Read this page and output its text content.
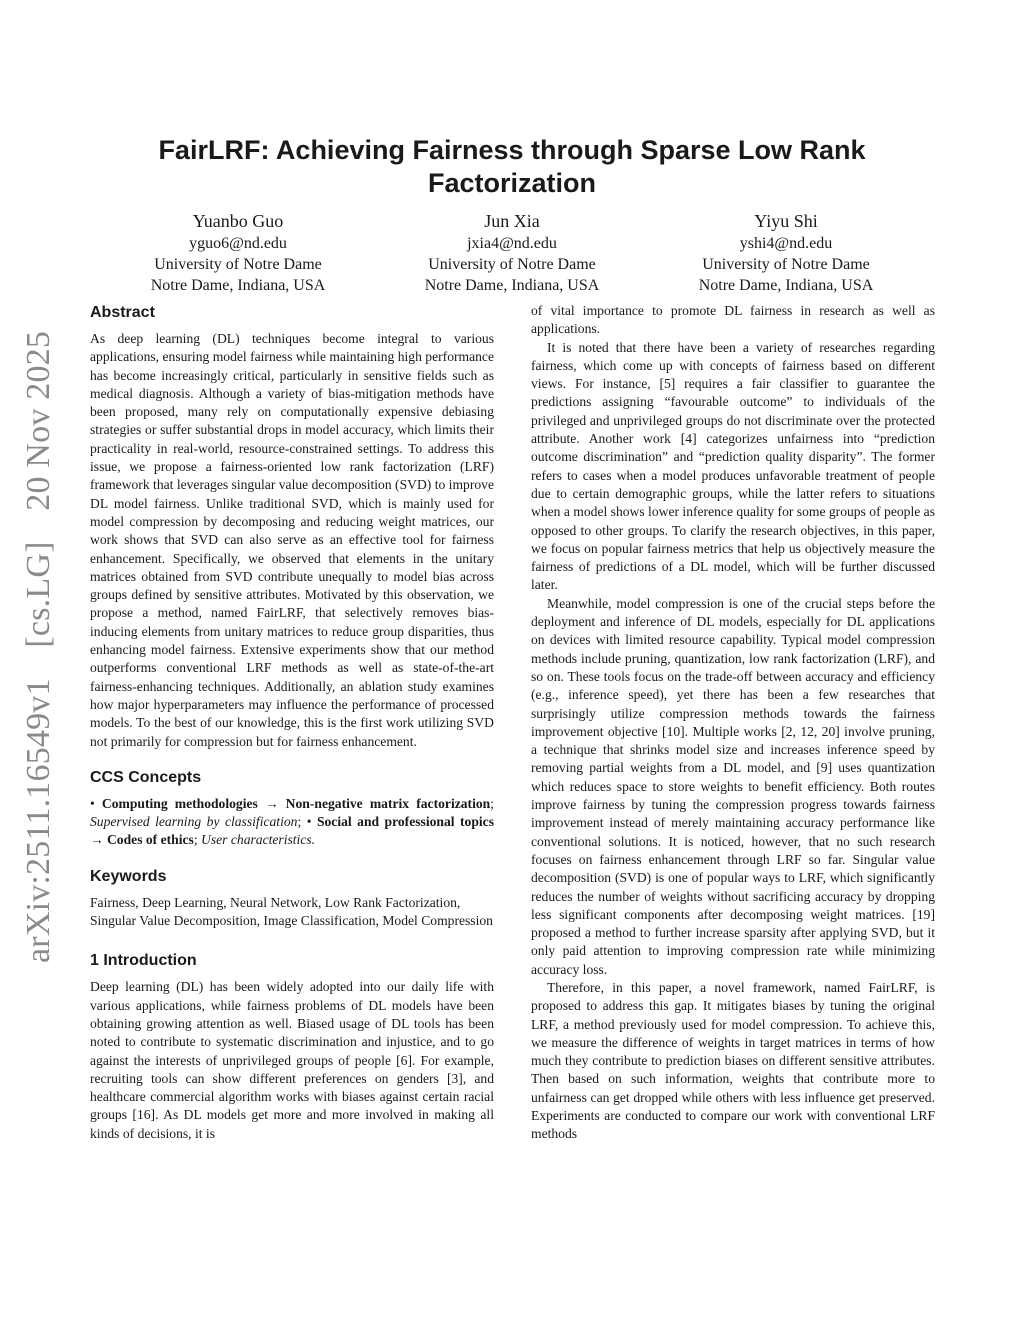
arXiv:2511.16549v1 [cs.LG] 20 Nov 2025
FairLRF: Achieving Fairness through Sparse Low Rank Factorization
Yuanbo Guo
yguo6@nd.edu
University of Notre Dame
Notre Dame, Indiana, USA
Jun Xia
jxia4@nd.edu
University of Notre Dame
Notre Dame, Indiana, USA
Yiyu Shi
yshi4@nd.edu
University of Notre Dame
Notre Dame, Indiana, USA
Abstract

As deep learning (DL) techniques become integral to various applications, ensuring model fairness while maintaining high performance has become increasingly critical, particularly in sensitive fields such as medical diagnosis. Although a variety of bias-mitigation methods have been proposed, many rely on computationally expensive debiasing strategies or suffer substantial drops in model accuracy, which limits their practicality in real-world, resource-constrained settings. To address this issue, we propose a fairness-oriented low rank factorization (LRF) framework that leverages singular value decomposition (SVD) to improve DL model fairness. Unlike traditional SVD, which is mainly used for model compression by decomposing and reducing weight matrices, our work shows that SVD can also serve as an effective tool for fairness enhancement. Specifically, we observed that elements in the unitary matrices obtained from SVD contribute unequally to model bias across groups defined by sensitive attributes. Motivated by this observation, we propose a method, named FairLRF, that selectively removes bias-inducing elements from unitary matrices to reduce group disparities, thus enhancing model fairness. Extensive experiments show that our method outperforms conventional LRF methods as well as state-of-the-art fairness-enhancing techniques. Additionally, an ablation study examines how major hyperparameters may influence the performance of processed models. To the best of our knowledge, this is the first work utilizing SVD not primarily for compression but for fairness enhancement.

CCS Concepts

• Computing methodologies → Non-negative matrix factorization; Supervised learning by classification; • Social and professional topics → Codes of ethics; User characteristics.

Keywords

Fairness, Deep Learning, Neural Network, Low Rank Factorization, Singular Value Decomposition, Image Classification, Model Compression

1 Introduction

Deep learning (DL) has been widely adopted into our daily life with various applications, while fairness problems of DL models have been obtaining growing attention as well. Biased usage of DL tools has been noted to contribute to systematic discrimination and injustice, and to go against the interests of unprivileged groups of people [6]. For example, recruiting tools can show different preferences on genders [3], and healthcare commercial algorithm works with biases against certain racial groups [16]. As DL models get more and more involved in making all kinds of decisions, it is

of vital importance to promote DL fairness in research as well as applications.

It is noted that there have been a variety of researches regarding fairness, which come up with concepts of fairness based on different views. For instance, [5] requires a fair classifier to guarantee the predictions assigning “favourable outcome” to individuals of the privileged and unprivileged groups do not discriminate over the protected attribute. Another work [4] categorizes unfairness into “prediction outcome discrimination” and “prediction quality disparity”. The former refers to cases when a model produces unfavorable treatment of people due to certain demographic groups, while the latter refers to situations when a model shows lower inference quality for some groups of people as opposed to other groups. To clarify the research objectives, in this paper, we focus on popular fairness metrics that help us objectively measure the fairness of predictions of a DL model, which will be further discussed later.

Meanwhile, model compression is one of the crucial steps before the deployment and inference of DL models, especially for DL applications on devices with limited resource capability. Typical model compression methods include pruning, quantization, low rank factorization (LRF), and so on. These tools focus on the trade-off between accuracy and efficiency (e.g., inference speed), yet there has been a few researches that surprisingly utilize compression methods towards the fairness improvement objective [10]. Multiple works [2, 12, 20] involve pruning, a technique that shrinks model size and increases inference speed by removing partial weights from a DL model, and [9] uses quantization which reduces space to store weights to benefit efficiency. Both routes improve fairness by tuning the compression progress towards fairness improvement instead of merely maintaining accuracy performance like conventional solutions. It is noticed, however, that no such research focuses on fairness enhancement through LRF so far. Singular value decomposition (SVD) is one of popular ways to LRF, which significantly reduces the number of weights without sacrificing accuracy by dropping less significant components after decomposing weight matrices. [19] proposed a method to further increase sparsity after applying SVD, but it only paid attention to improving compression rate while minimizing accuracy loss.

Therefore, in this paper, a novel framework, named FairLRF, is proposed to address this gap. It mitigates biases by tuning the original LRF, a method previously used for model compression. To achieve this, we measure the difference of weights in target matrices in terms of how much they contribute to prediction biases on different sensitive attributes. Then based on such information, weights that contribute more to unfairness can get dropped while others with less influence get preserved. Experiments are conducted to compare our work with conventional LRF methods
